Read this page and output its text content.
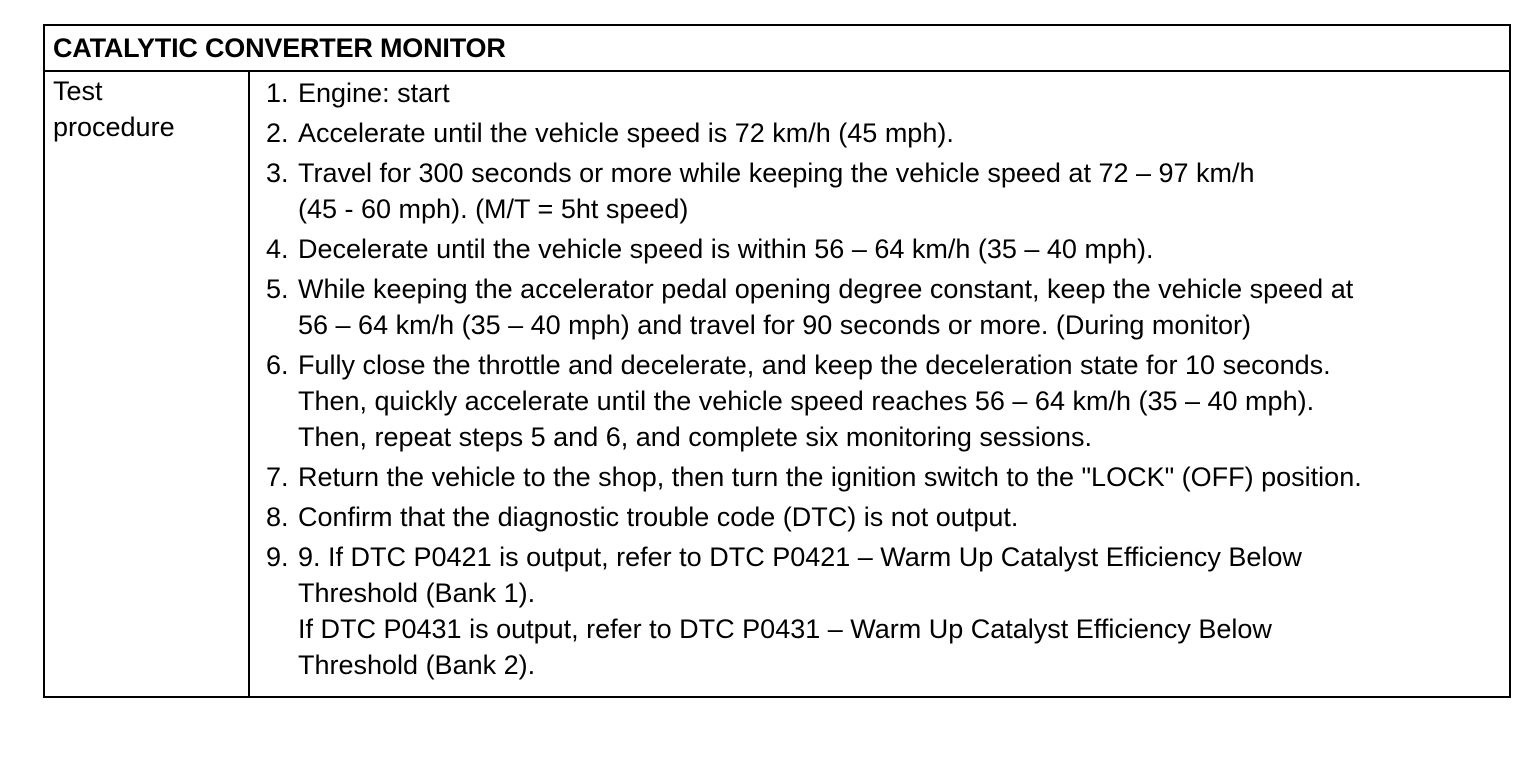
CATALYTIC CONVERTER MONITOR
Test
procedure
1. Engine: start
2. Accelerate until the vehicle speed is 72 km/h (45 mph).
3. Travel for 300 seconds or more while keeping the vehicle speed at 72 – 97 km/h
(45 - 60 mph). (M/T = 5ht speed)
4. Decelerate until the vehicle speed is within 56 – 64 km/h (35 – 40 mph).
5. While keeping the accelerator pedal opening degree constant, keep the vehicle speed at
56 – 64 km/h (35 – 40 mph) and travel for 90 seconds or more. (During monitor)
6. Fully close the throttle and decelerate, and keep the deceleration state for 10 seconds.
Then, quickly accelerate until the vehicle speed reaches 56 – 64 km/h (35 – 40 mph).
Then, repeat steps 5 and 6, and complete six monitoring sessions.
7. Return the vehicle to the shop, then turn the ignition switch to the "LOCK" (OFF) position.
8. Confirm that the diagnostic trouble code (DTC) is not output.
9. 9. If DTC P0421 is output, refer to DTC P0421 – Warm Up Catalyst Efficiency Below
Threshold (Bank 1).
If DTC P0431 is output, refer to DTC P0431 – Warm Up Catalyst Efficiency Below
Threshold (Bank 2).
